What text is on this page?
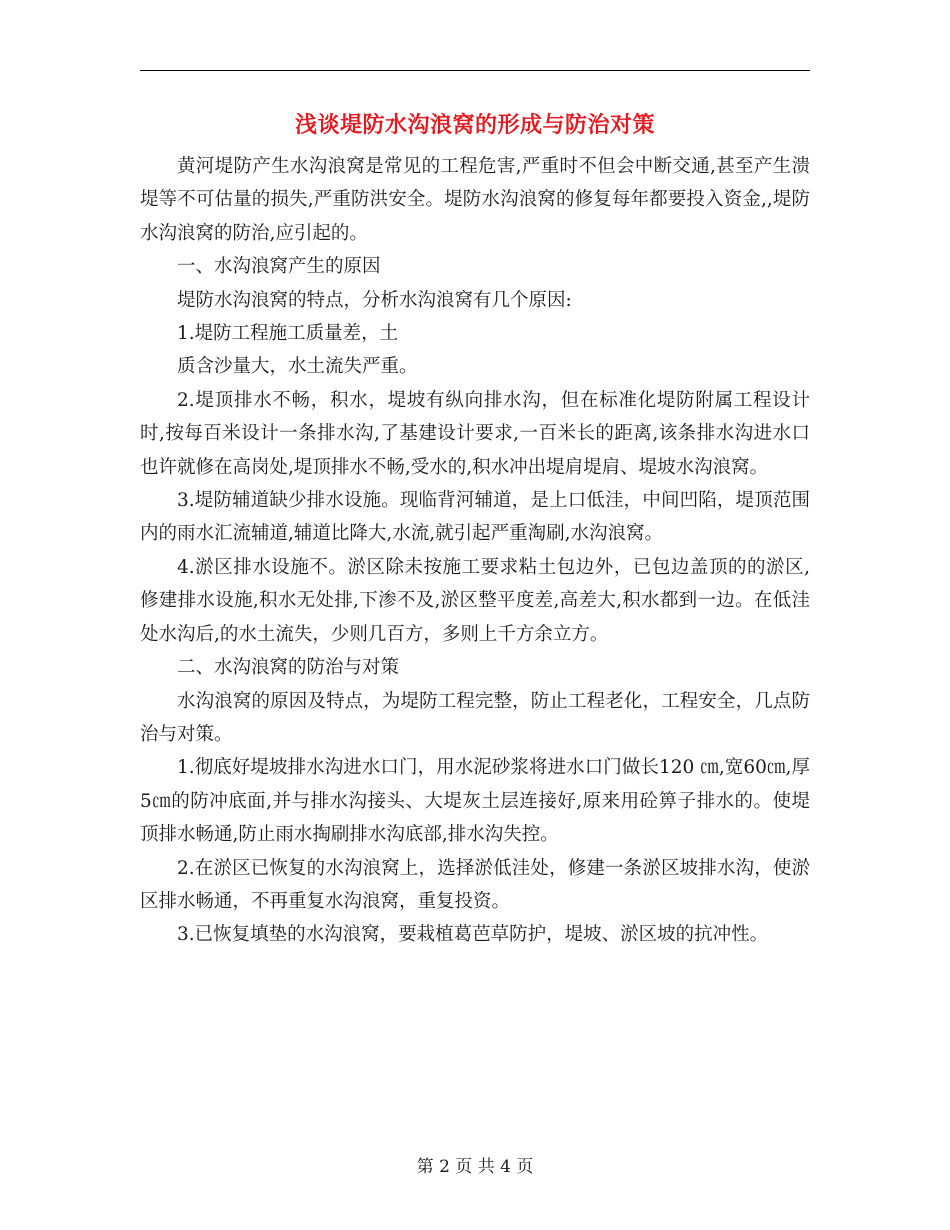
浅谈堤防水沟浪窝的形成与防治对策

黄河堤防产生水沟浪窝是常见的工程危害,严重时不但会中断交通,甚至产生溃堤等不可估量的损失,严重防洪安全。堤防水沟浪窝的修复每年都要投入资金,,堤防水沟浪窝的防治,应引起的。

一、水沟浪窝产生的原因

堤防水沟浪窝的特点，分析水沟浪窝有几个原因:

1.堤防工程施工质量差，土

质含沙量大，水土流失严重。

2.堤顶排水不畅，积水，堤坡有纵向排水沟，但在标准化堤防附属工程设计时,按每百米设计一条排水沟,了基建设计要求,一百米长的距离,该条排水沟进水口也许就修在高岗处,堤顶排水不畅,受水的,积水冲出堤肩堤肩、堤坡水沟浪窝。

3.堤防辅道缺少排水设施。现临背河辅道，是上口低洼，中间凹陷，堤顶范围内的雨水汇流辅道,辅道比降大,水流,就引起严重淘刷,水沟浪窝。

4.淤区排水设施不。淤区除未按施工要求粘土包边外，已包边盖顶的的淤区,修建排水设施,积水无处排,下渗不及,淤区整平度差,高差大,积水都到一边。在低洼处水沟后,的水土流失，少则几百方，多则上千方余立方。

二、水沟浪窝的防治与对策

水沟浪窝的原因及特点，为堤防工程完整，防止工程老化，工程安全，几点防治与对策。

1.彻底好堤坡排水沟进水口门，用水泥砂浆将进水口门做长120 ㎝,宽60㎝,厚5㎝的防冲底面,并与排水沟接头、大堤灰土层连接好,原来用砼箅子排水的。使堤顶排水畅通,防止雨水掏刷排水沟底部,排水沟失控。

2.在淤区已恢复的水沟浪窝上，选择淤低洼处，修建一条淤区坡排水沟，使淤区排水畅通，不再重复水沟浪窝，重复投资。

3.已恢复填垫的水沟浪窝，要栽植葛芭草防护，堤坡、淤区坡的抗冲性。

第 2 页 共 4 页
